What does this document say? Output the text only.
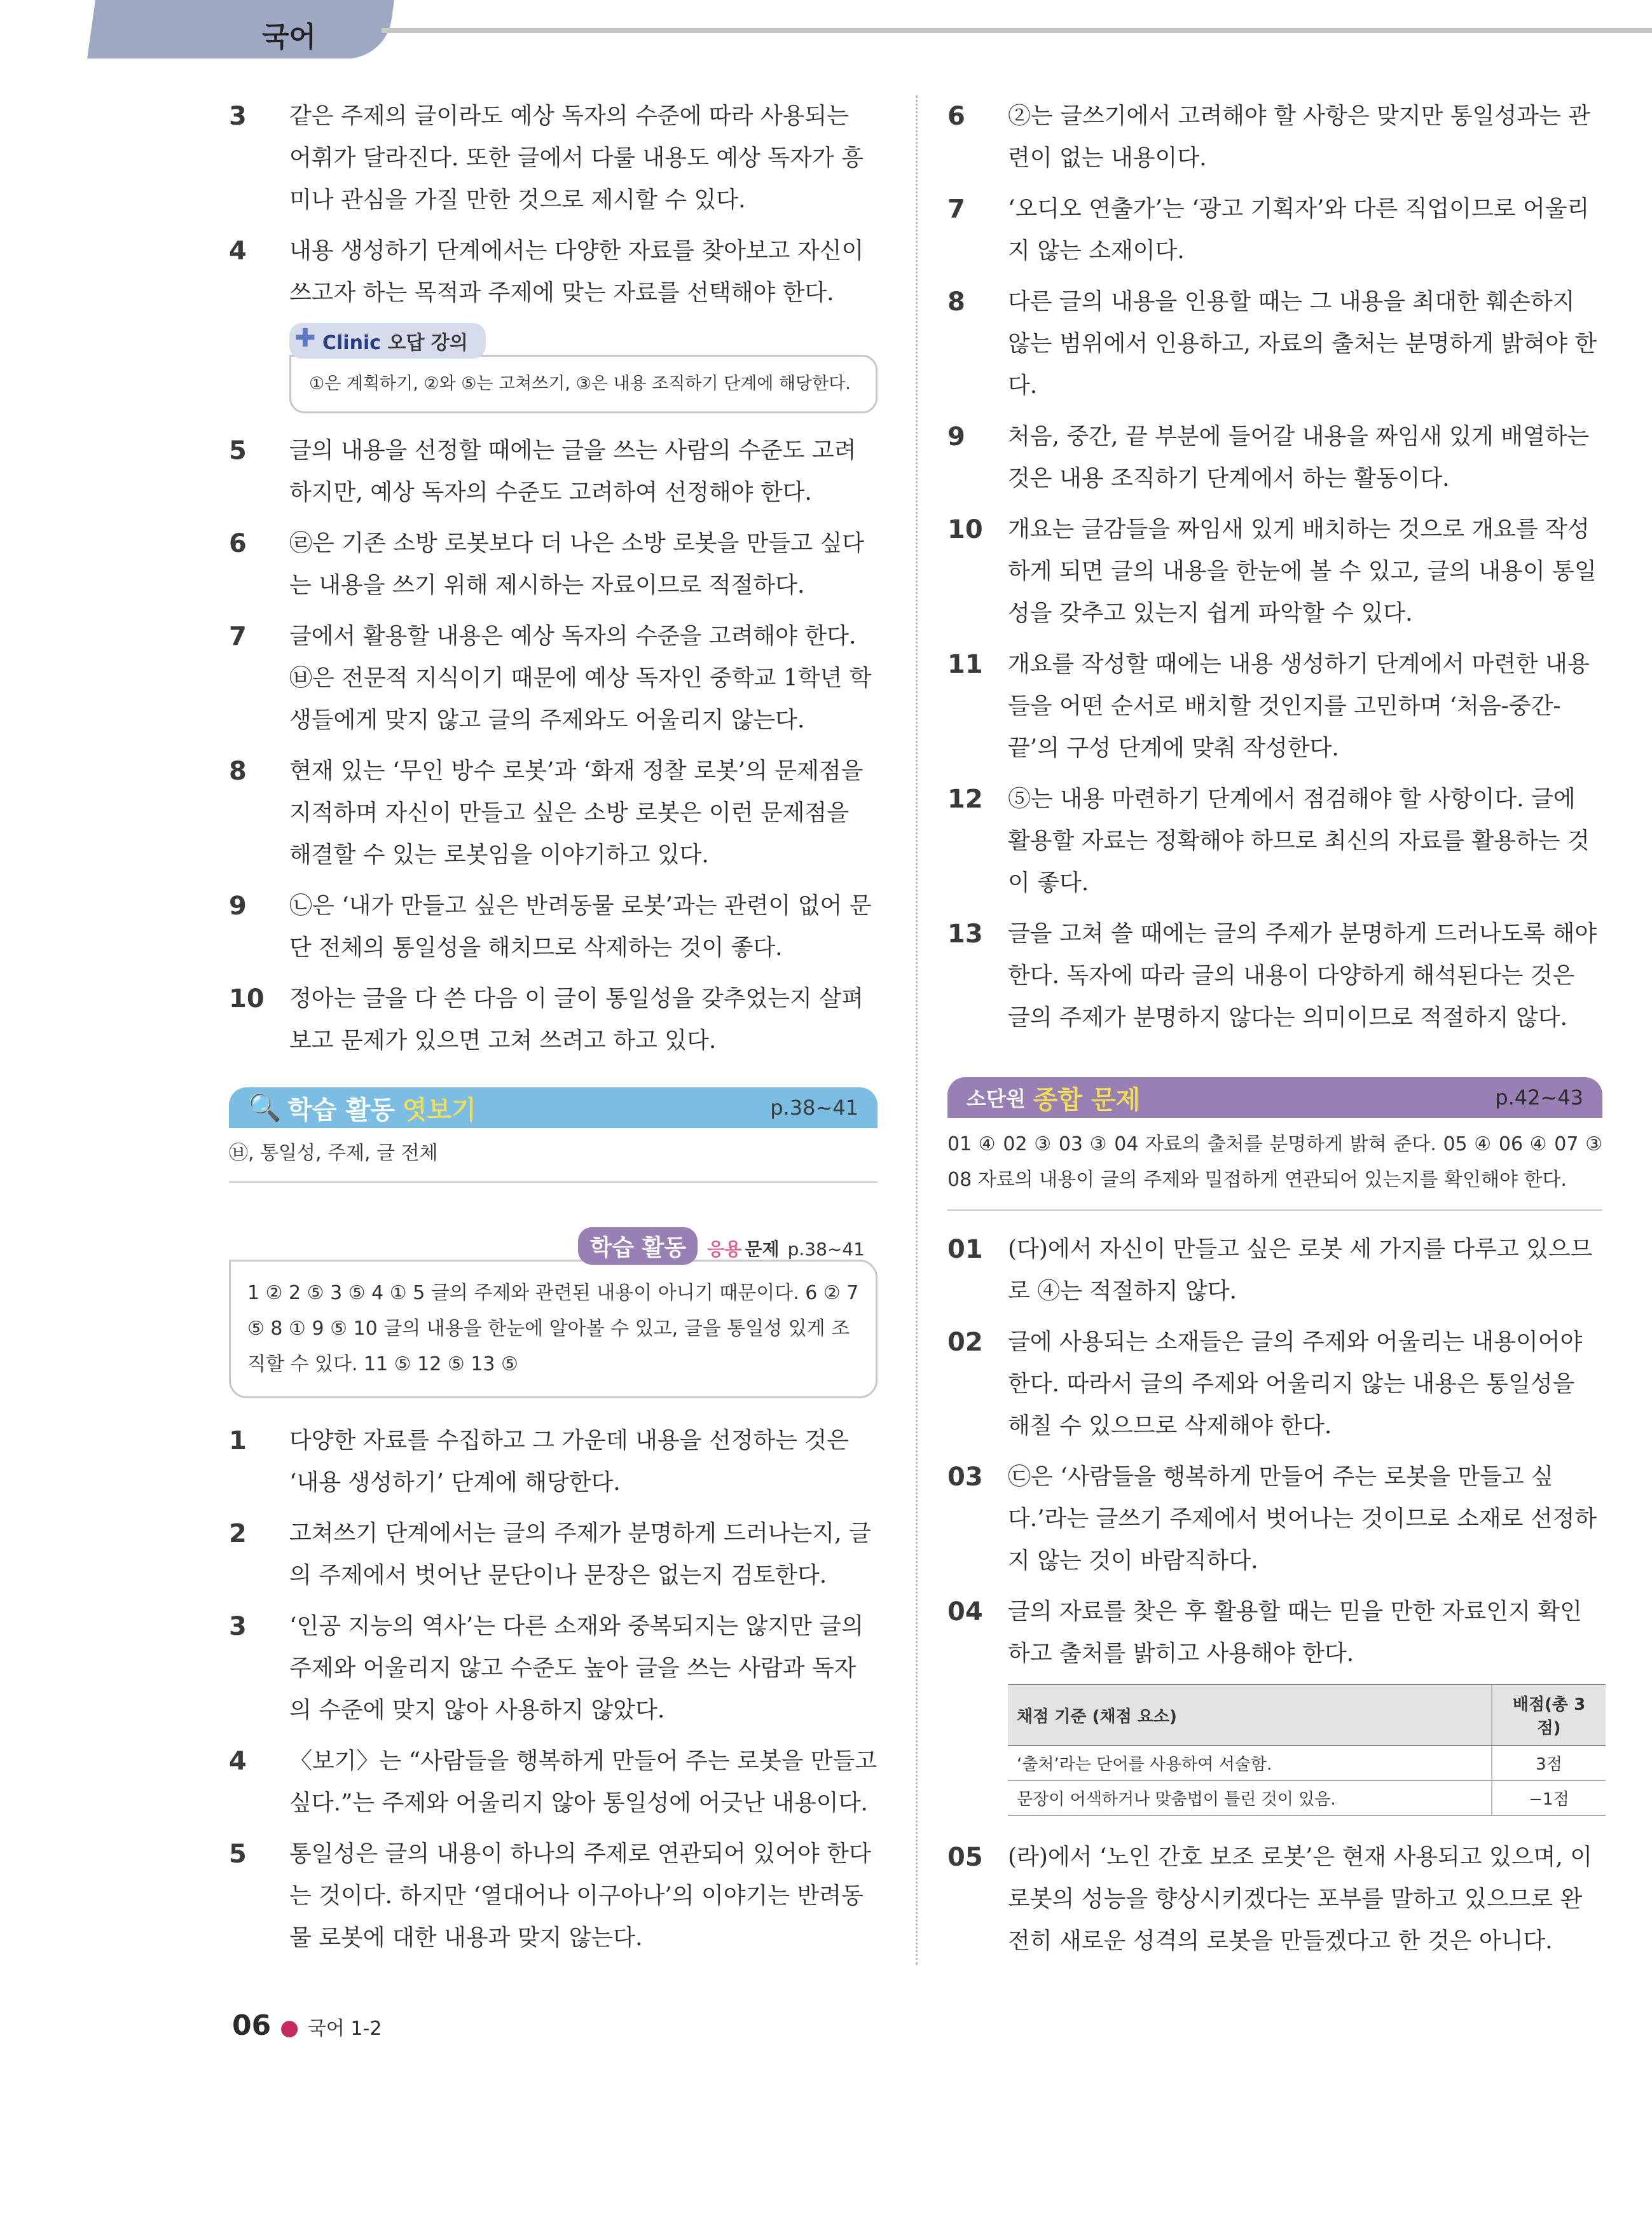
국어
3 같은 주제의 글이라도 예상 독자의 수준에 따라 사용되는 어휘가 달라진다. 또한 글에서 다룰 내용도 예상 독자가 흥미나 관심을 가질 만한 것으로 제시할 수 있다.
4 내용 생성하기 단계에서는 다양한 자료를 찾아보고 자신이 쓰고자 하는 목적과 주제에 맞는 자료를 선택해야 한다.
✚ Clinic 오답 강의
①은 계획하기, ②와 ⑤는 고쳐쓰기, ③은 내용 조직하기 단계에 해당한다.
5 글의 내용을 선정할 때에는 글을 쓰는 사람의 수준도 고려하지만, 예상 독자의 수준도 고려하여 선정해야 한다.
6 ㉣은 기존 소방 로봇보다 더 나은 소방 로봇을 만들고 싶다는 내용을 쓰기 위해 제시하는 자료이므로 적절하다.
7 글에서 활용할 내용은 예상 독자의 수준을 고려해야 한다. ㉥은 전문적 지식이기 때문에 예상 독자인 중학교 1학년 학생들에게 맞지 않고 글의 주제와도 어울리지 않는다.
8 현재 있는 ‘무인 방수 로봇’과 ‘화재 정찰 로봇’의 문제점을 지적하며 자신이 만들고 싶은 소방 로봇은 이런 문제점을 해결할 수 있는 로봇임을 이야기하고 있다.
9 ㉡은 ‘내가 만들고 싶은 반려동물 로봇’과는 관련이 없어 문단 전체의 통일성을 해치므로 삭제하는 것이 좋다.
10 정아는 글을 다 쓴 다음 이 글이 통일성을 갖추었는지 살펴보고 문제가 있으면 고쳐 쓰려고 하고 있다.
🔍 학습 활동 엿보기	p.38~41
㉥, 통일성, 주제, 글 전체
학습 활동 응용 문제 p.38~41
1 ② 2 ⑤ 3 ⑤ 4 ① 5 글의 주제와 관련된 내용이 아니기 때문이다. 6 ② 7 ⑤ 8 ① 9 ⑤ 10 글의 내용을 한눈에 알아볼 수 있고, 글을 통일성 있게 조직할 수 있다. 11 ⑤ 12 ⑤ 13 ⑤
1 다양한 자료를 수집하고 그 가운데 내용을 선정하는 것은 ‘내용 생성하기’ 단계에 해당한다.
2 고쳐쓰기 단계에서는 글의 주제가 분명하게 드러나는지, 글의 주제에서 벗어난 문단이나 문장은 없는지 검토한다.
3 ‘인공 지능의 역사’는 다른 소재와 중복되지는 않지만 글의 주제와 어울리지 않고 수준도 높아 글을 쓰는 사람과 독자의 수준에 맞지 않아 사용하지 않았다.
4 〈보기〉는 “사람들을 행복하게 만들어 주는 로봇을 만들고 싶다.”는 주제와 어울리지 않아 통일성에 어긋난 내용이다.
5 통일성은 글의 내용이 하나의 주제로 연관되어 있어야 한다는 것이다. 하지만 ‘열대어나 이구아나’의 이야기는 반려동물 로봇에 대한 내용과 맞지 않는다.
6 ②는 글쓰기에서 고려해야 할 사항은 맞지만 통일성과는 관련이 없는 내용이다.
7 ‘오디오 연출가’는 ‘광고 기획자’와 다른 직업이므로 어울리지 않는 소재이다.
8 다른 글의 내용을 인용할 때는 그 내용을 최대한 훼손하지 않는 범위에서 인용하고, 자료의 출처는 분명하게 밝혀야 한다.
9 처음, 중간, 끝 부분에 들어갈 내용을 짜임새 있게 배열하는 것은 내용 조직하기 단계에서 하는 활동이다.
10 개요는 글감들을 짜임새 있게 배치하는 것으로 개요를 작성하게 되면 글의 내용을 한눈에 볼 수 있고, 글의 내용이 통일성을 갖추고 있는지 쉽게 파악할 수 있다.
11 개요를 작성할 때에는 내용 생성하기 단계에서 마련한 내용들을 어떤 순서로 배치할 것인지를 고민하며 ‘처음-중간-끝’의 구성 단계에 맞춰 작성한다.
12 ⑤는 내용 마련하기 단계에서 점검해야 할 사항이다. 글에 활용할 자료는 정확해야 하므로 최신의 자료를 활용하는 것이 좋다.
13 글을 고쳐 쓸 때에는 글의 주제가 분명하게 드러나도록 해야 한다. 독자에 따라 글의 내용이 다양하게 해석된다는 것은 글의 주제가 분명하지 않다는 의미이므로 적절하지 않다.
소단원 종합 문제	p.42~43
01 ④ 02 ③ 03 ③ 04 자료의 출처를 분명하게 밝혀 준다. 05 ④ 06 ④ 07 ③ 08 자료의 내용이 글의 주제와 밀접하게 연관되어 있는지를 확인해야 한다.
01 (다)에서 자신이 만들고 싶은 로봇 세 가지를 다루고 있으므로 ④는 적절하지 않다.
02 글에 사용되는 소재들은 글의 주제와 어울리는 내용이어야 한다. 따라서 글의 주제와 어울리지 않는 내용은 통일성을 해칠 수 있으므로 삭제해야 한다.
03 ㉢은 ‘사람들을 행복하게 만들어 주는 로봇을 만들고 싶다.’라는 글쓰기 주제에서 벗어나는 것이므로 소재로 선정하지 않는 것이 바람직하다.
04 글의 자료를 찾은 후 활용할 때는 믿을 만한 자료인지 확인하고 출처를 밝히고 사용해야 한다.
채점 기준 (채점 요소)	배점(총 3점)
‘출처’라는 단어를 사용하여 서술함.	3점
문장이 어색하거나 맞춤법이 틀린 것이 있음.	−1점
05 (라)에서 ‘노인 간호 보조 로봇’은 현재 사용되고 있으며, 이 로봇의 성능을 향상시키겠다는 포부를 말하고 있으므로 완전히 새로운 성격의 로봇을 만들겠다고 한 것은 아니다.
06 ● 국어 1-2
